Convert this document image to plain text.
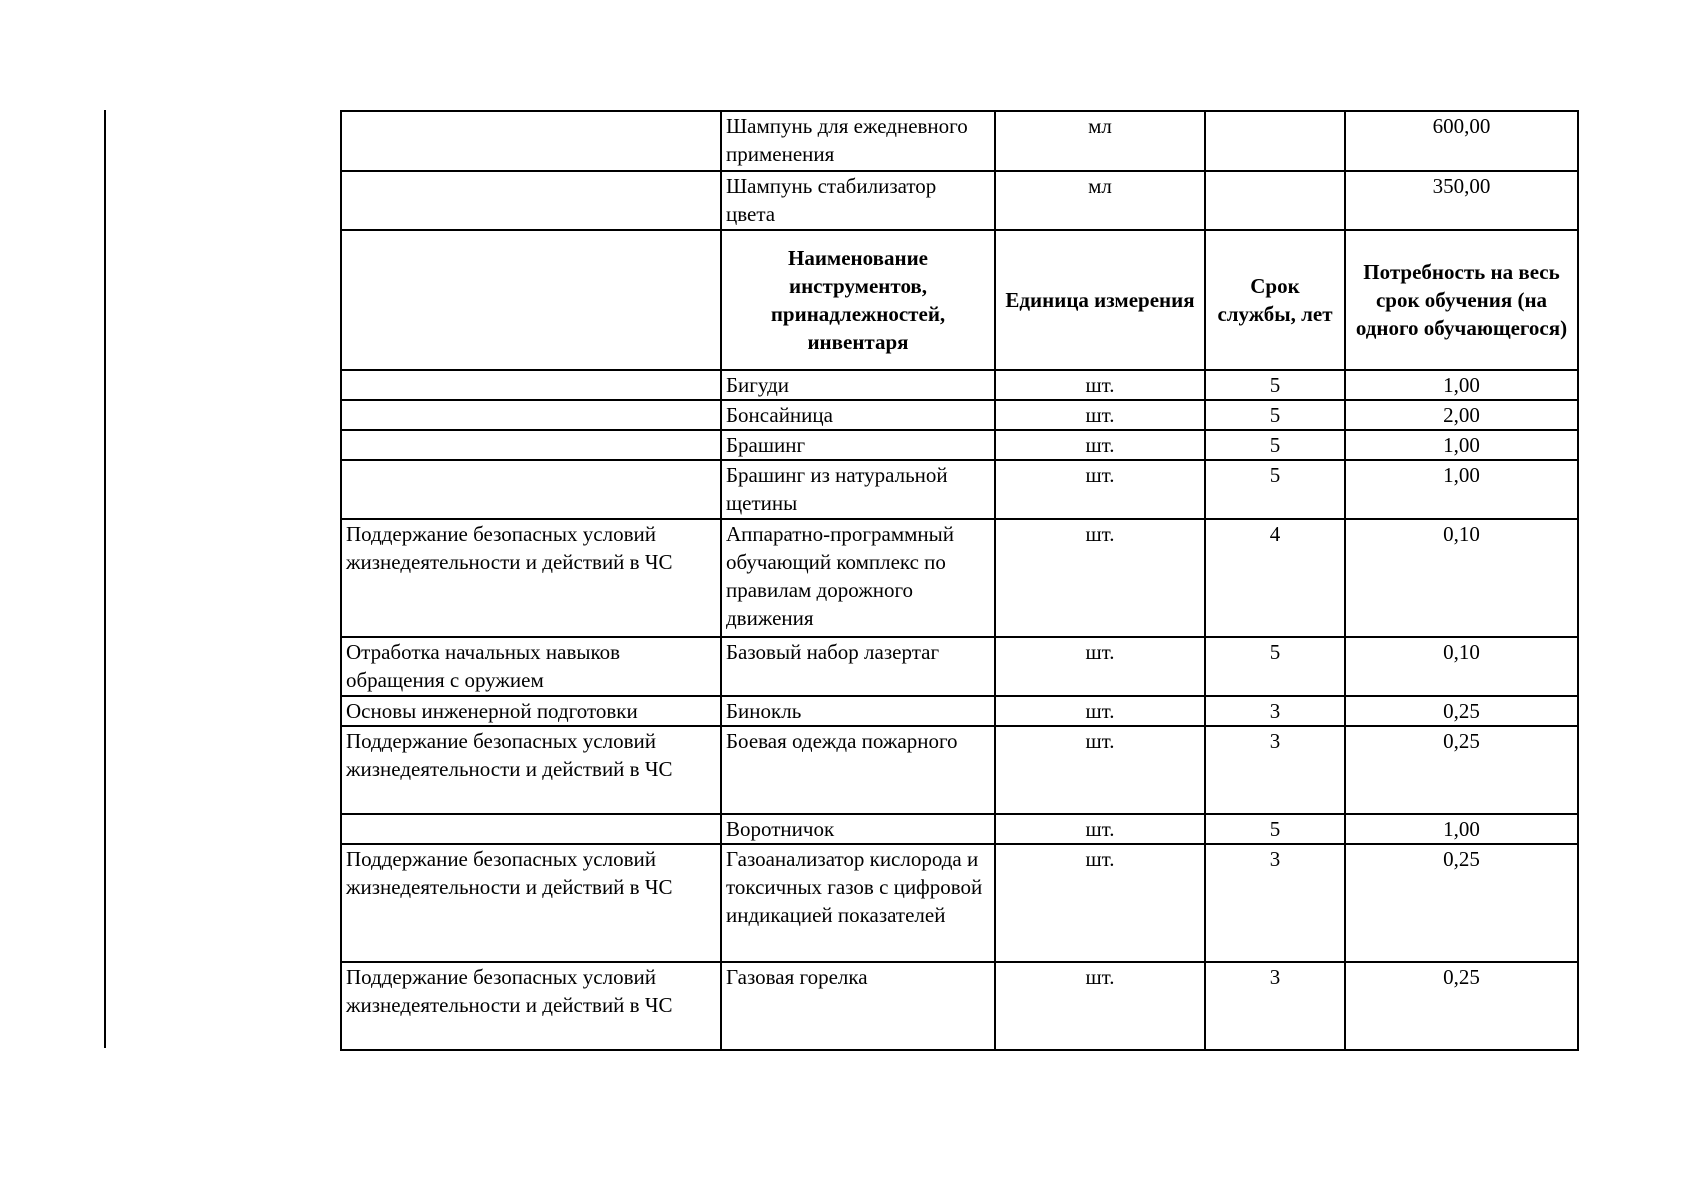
	Шампунь для ежедневного применения	мл		600,00
	Шампунь стабилизатор цвета	мл		350,00
	Наименование инструментов, принадлежностей, инвентаря	Единица измерения	Срок службы, лет	Потребность на весь срок обучения (на одного обучающегося)
	Бигуди	шт.	5	1,00
	Бонсайница	шт.	5	2,00
	Брашинг	шт.	5	1,00
	Брашинг из натуральной щетины	шт.	5	1,00
Поддержание безопасных условий жизнедеятельности и действий в ЧС	Аппаратно-программный обучающий комплекс по правилам дорожного движения	шт.	4	0,10
Отработка начальных навыков обращения с оружием	Базовый набор лазертаг	шт.	5	0,10
Основы инженерной подготовки	Бинокль	шт.	3	0,25
Поддержание безопасных условий жизнедеятельности и действий в ЧС	Боевая одежда пожарного	шт.	3	0,25
	Воротничок	шт.	5	1,00
Поддержание безопасных условий жизнедеятельности и действий в ЧС	Газоанализатор кислорода и токсичных газов с цифровой индикацией показателей	шт.	3	0,25
Поддержание безопасных условий жизнедеятельности и действий в ЧС	Газовая горелка	шт.	3	0,25
